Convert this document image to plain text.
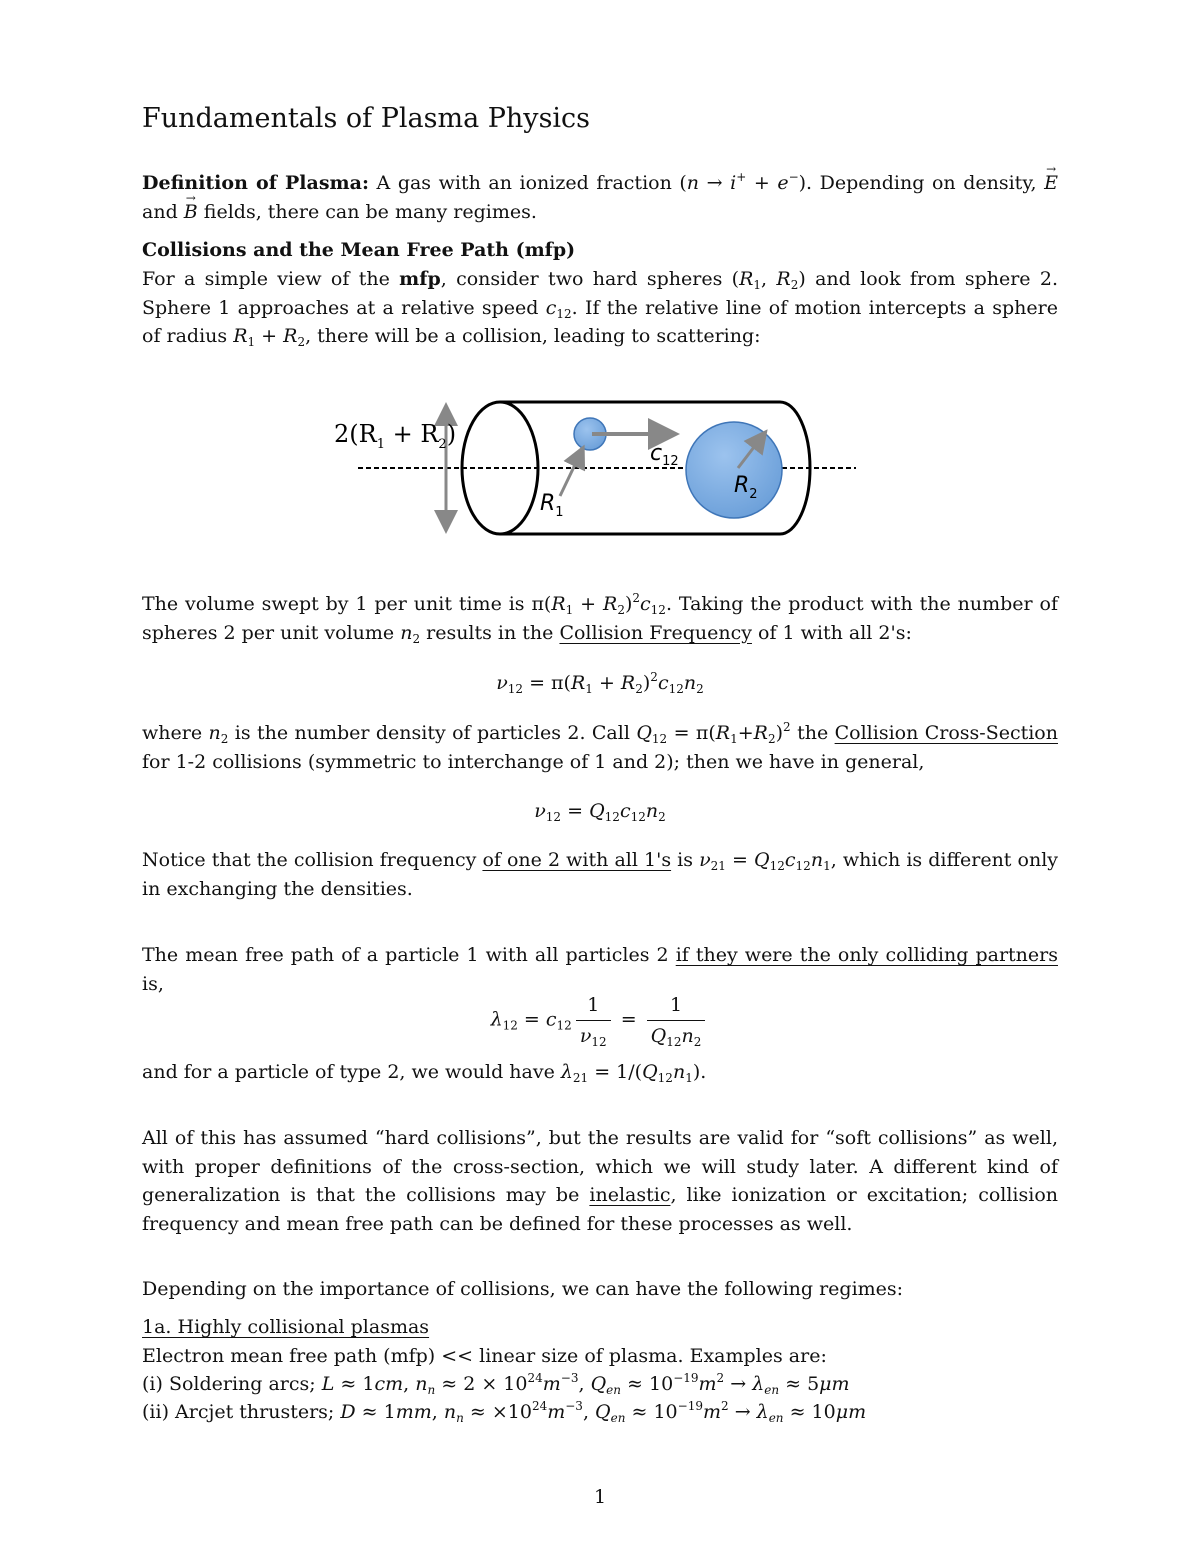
Fundamentals of Plasma Physics
Definition of Plasma: A gas with an ionized fraction (n → i+ + e−). Depending on density, → E and → B fields, there can be many regimes.
Collisions and the Mean Free Path (mfp)
For a simple view of the mfp, consider two hard spheres ($R_1$, $R_2$) and look from sphere 2. Sphere 1 approaches at a relative speed $c_{12}$. If the relative line of motion intercepts a sphere of radius $R_1 + R_2$, there will be a collision, leading to scattering:
$2(R_1 + R_2)$
$c_{12}$
$R_1$
$R_2$
The volume swept by 1 per unit time is $\pi(R_1 + R_2)^2c_{12}$. Taking the product with the number of spheres 2 per unit volume $n_2$ results in the Collision Frequency of 1 with all 2's:
$\nu_{12} = \pi(R_1 + R_2)^2c_{12}n_2$
where $n_2$ is the number density of particles 2. Call $Q_{12} = \pi(R_1+R_2)^2$ the Collision Cross-Section for 1-2 collisions (symmetric to interchange of 1 and 2); then we have in general,
$\nu_{12} = Q_{12}c_{12}n_2$
Notice that the collision frequency of one 2 with all 1's is $\nu_{21} = Q_{12}c_{12}n_1$, which is different only in exchanging the densities.
The mean free path of a particle 1 with all particles 2 if they were the only colliding partners is,
$\lambda_{12} = c_{12} \frac{1}{\nu_{12}} = \frac{1}{Q_{12}n_2}$
and for a particle of type 2, we would have $\lambda_{21} = 1/(Q_{12}n_1)$.
All of this has assumed “hard collisions”, but the results are valid for “soft collisions” as well, with proper definitions of the cross-section, which we will study later. A different kind of generalization is that the collisions may be inelastic, like ionization or excitation; collision frequency and mean free path can be defined for these processes as well.
Depending on the importance of collisions, we can have the following regimes:
1a. Highly collisional plasmas
Electron mean free path (mfp) << linear size of plasma. Examples are:
(i) Soldering arcs; L ≈ 1cm, $n_n \approx 2 \times 10^{24}m^{-3}$, $Q_{en} \approx 10^{-19}m^2 \to \lambda_{en} \approx 5\mu m$
(ii) Arcjet thrusters; D ≈ 1mm, $n_n \approx \times 10^{24}m^{-3}$, $Q_{en} \approx 10^{-19}m^2 \to \lambda_{en} \approx 10\mu m$
1
